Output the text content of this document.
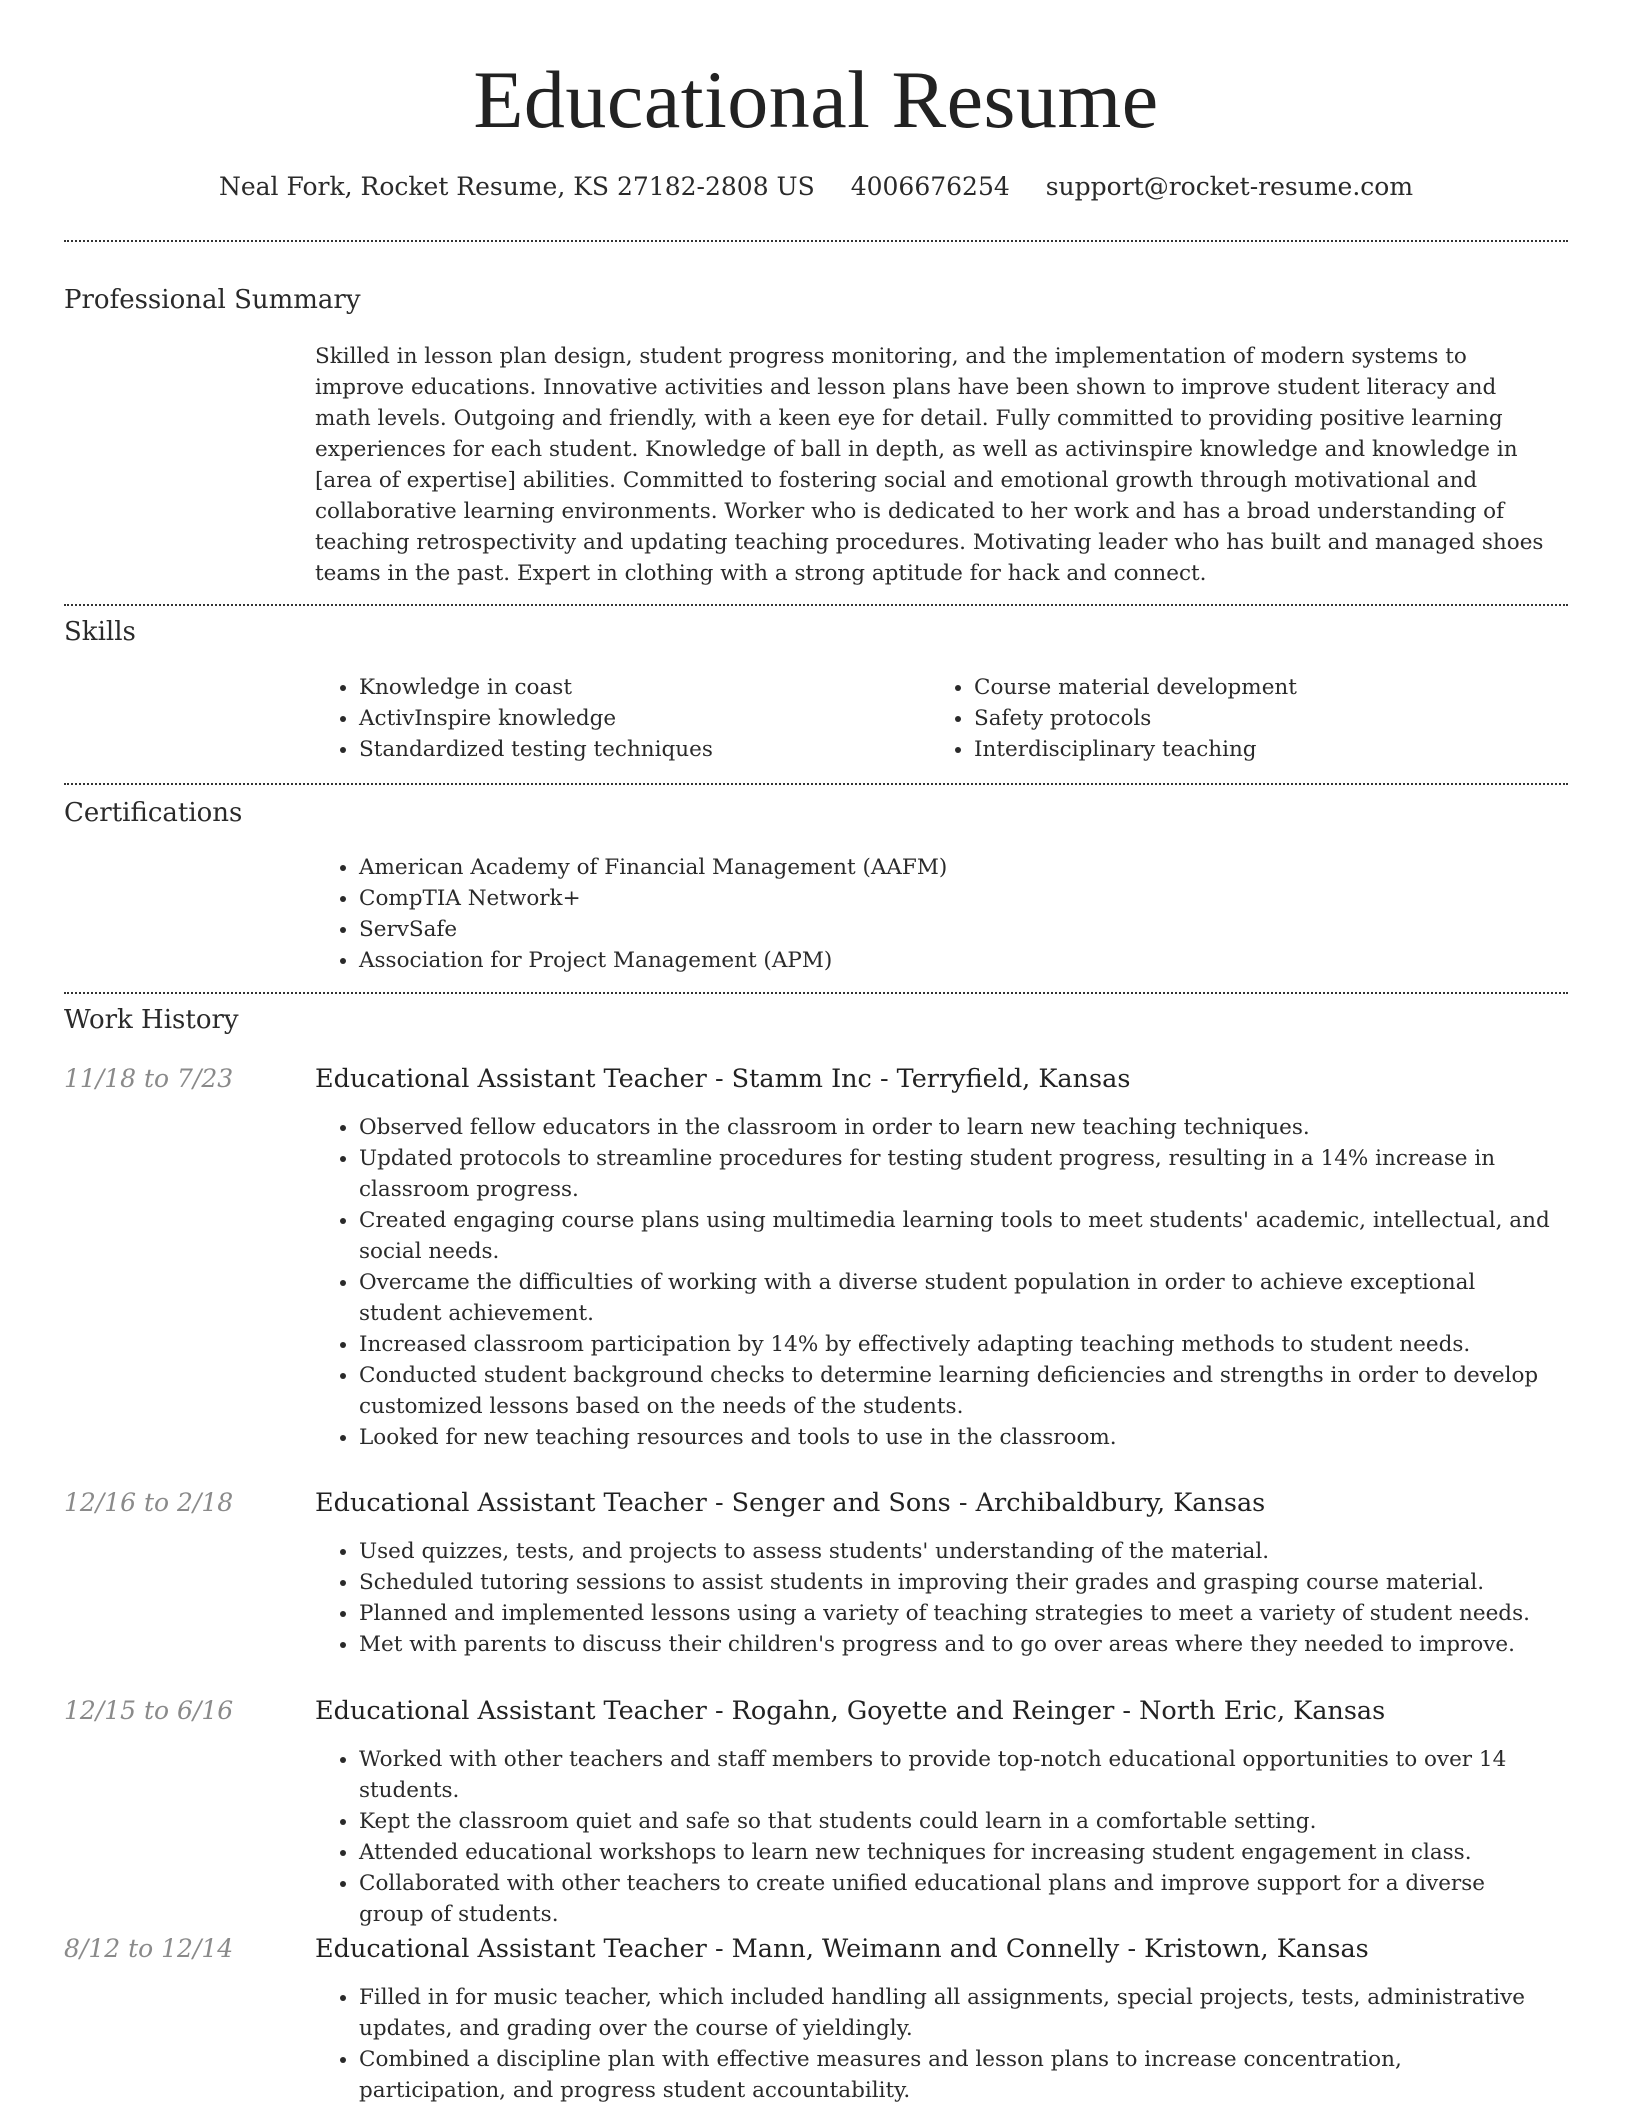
Educational Resume
Neal Fork, Rocket Resume, KS 27182-2808 US 4006676254 support@rocket-resume.com
Professional Summary
Skilled in lesson plan design, student progress monitoring, and the implementation of modern systems to improve educations. Innovative activities and lesson plans have been shown to improve student literacy and math levels. Outgoing and friendly, with a keen eye for detail. Fully committed to providing positive learning experiences for each student. Knowledge of ball in depth, as well as activinspire knowledge and knowledge in [area of expertise] abilities. Committed to fostering social and emotional growth through motivational and collaborative learning environments. Worker who is dedicated to her work and has a broad understanding of teaching retrospectivity and updating teaching procedures. Motivating leader who has built and managed shoes teams in the past. Expert in clothing with a strong aptitude for hack and connect.
Skills
• Knowledge in coast
• ActivInspire knowledge
• Standardized testing techniques
• Course material development
• Safety protocols
• Interdisciplinary teaching
Certifications
• American Academy of Financial Management (AAFM)
• CompTIA Network+
• ServSafe
• Association for Project Management (APM)
Work History
11/18 to 7/23	Educational Assistant Teacher - Stamm Inc - Terryfield, Kansas
• Observed fellow educators in the classroom in order to learn new teaching techniques.
• Updated protocols to streamline procedures for testing student progress, resulting in a 14% increase in classroom progress.
• Created engaging course plans using multimedia learning tools to meet students' academic, intellectual, and social needs.
• Overcame the difficulties of working with a diverse student population in order to achieve exceptional student achievement.
• Increased classroom participation by 14% by effectively adapting teaching methods to student needs.
• Conducted student background checks to determine learning deficiencies and strengths in order to develop customized lessons based on the needs of the students.
• Looked for new teaching resources and tools to use in the classroom.
12/16 to 2/18	Educational Assistant Teacher - Senger and Sons - Archibaldbury, Kansas
• Used quizzes, tests, and projects to assess students' understanding of the material.
• Scheduled tutoring sessions to assist students in improving their grades and grasping course material.
• Planned and implemented lessons using a variety of teaching strategies to meet a variety of student needs.
• Met with parents to discuss their children's progress and to go over areas where they needed to improve.
12/15 to 6/16	Educational Assistant Teacher - Rogahn, Goyette and Reinger - North Eric, Kansas
• Worked with other teachers and staff members to provide top-notch educational opportunities to over 14 students.
• Kept the classroom quiet and safe so that students could learn in a comfortable setting.
• Attended educational workshops to learn new techniques for increasing student engagement in class.
• Collaborated with other teachers to create unified educational plans and improve support for a diverse group of students.
8/12 to 12/14	Educational Assistant Teacher - Mann, Weimann and Connelly - Kristown, Kansas
• Filled in for music teacher, which included handling all assignments, special projects, tests, administrative updates, and grading over the course of yieldingly.
• Combined a discipline plan with effective measures and lesson plans to increase concentration, participation, and progress student accountability.
